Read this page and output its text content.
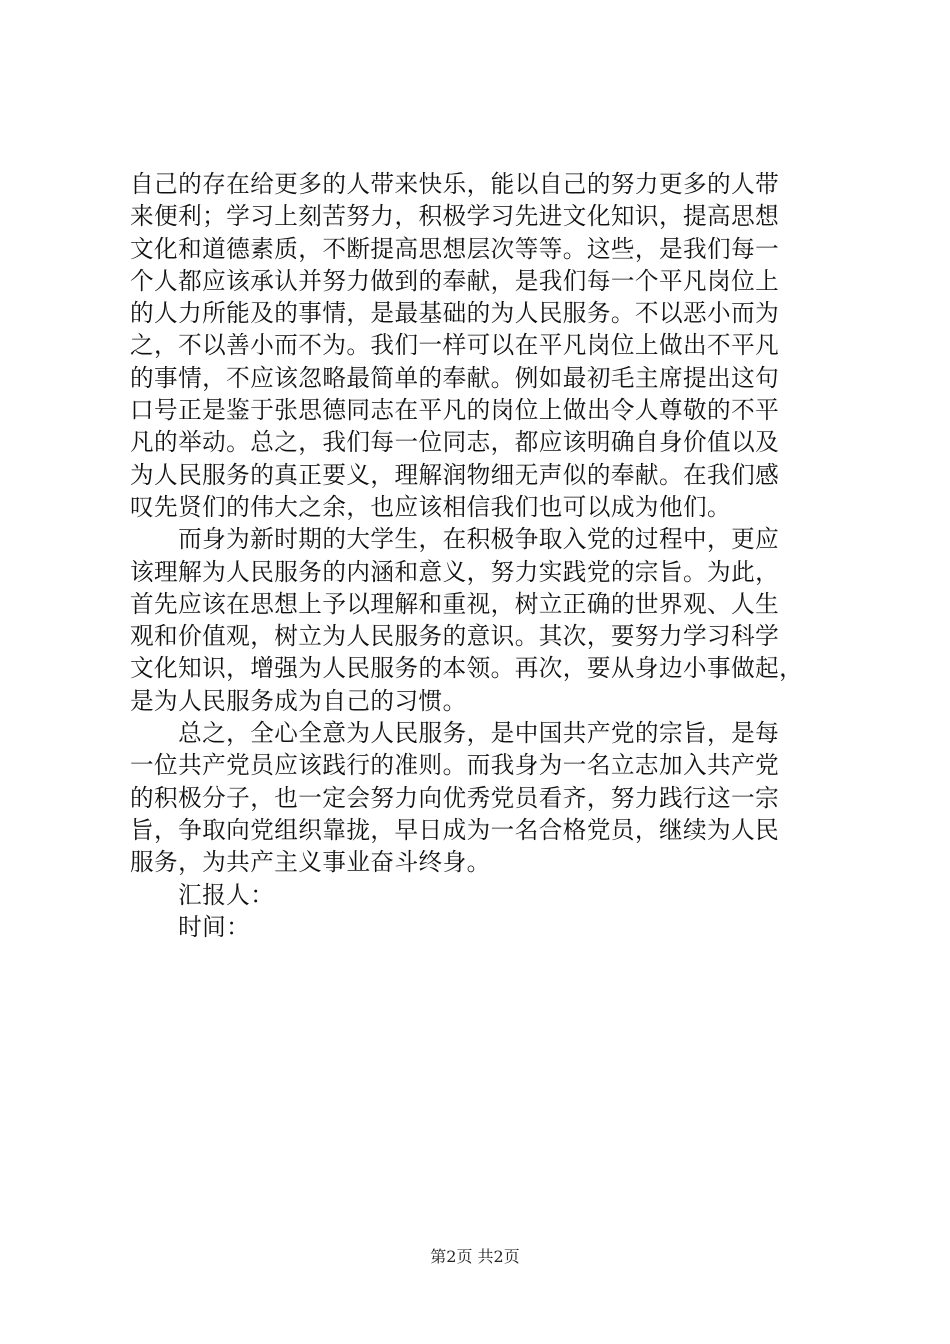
自己的存在给更多的人带来快乐，能以自己的努力更多的人带
来便利；学习上刻苦努力，积极学习先进文化知识，提高思想
文化和道德素质，不断提高思想层次等等。这些，是我们每一
个人都应该承认并努力做到的奉献，是我们每一个平凡岗位上
的人力所能及的事情，是最基础的为人民服务。不以恶小而为
之，不以善小而不为。我们一样可以在平凡岗位上做出不平凡
的事情，不应该忽略最简单的奉献。例如最初毛主席提出这句
口号正是鉴于张思德同志在平凡的岗位上做出令人尊敬的不平
凡的举动。总之，我们每一位同志，都应该明确自身价值以及
为人民服务的真正要义，理解润物细无声似的奉献。在我们感
叹先贤们的伟大之余，也应该相信我们也可以成为他们。
　　而身为新时期的大学生，在积极争取入党的过程中，更应
该理解为人民服务的内涵和意义，努力实践党的宗旨。为此，
首先应该在思想上予以理解和重视，树立正确的世界观、人生
观和价值观，树立为人民服务的意识。其次，要努力学习科学
文化知识，增强为人民服务的本领。再次，要从身边小事做起，
是为人民服务成为自己的习惯。
　　总之，全心全意为人民服务，是中国共产党的宗旨，是每
一位共产党员应该践行的准则。而我身为一名立志加入共产党
的积极分子，也一定会努力向优秀党员看齐，努力践行这一宗
旨，争取向党组织靠拢，早日成为一名合格党员，继续为人民
服务，为共产主义事业奋斗终身。
　　汇报人：
　　时间：
第2页 共2页
